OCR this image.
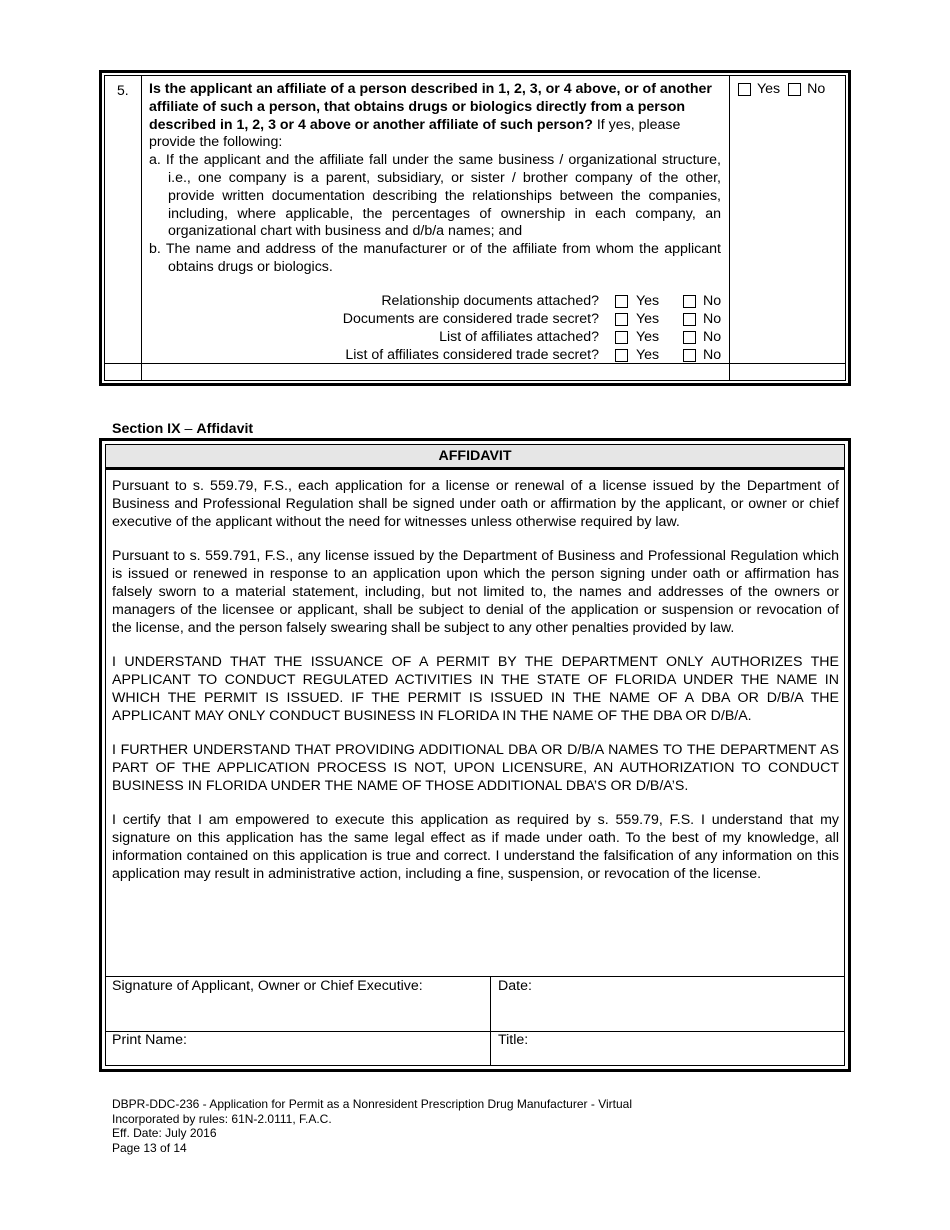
5. Is the applicant an affiliate of a person described in 1, 2, 3, or 4 above, or of another affiliate of such a person, that obtains drugs or biologics directly from a person described in 1, 2, 3 or 4 above or another affiliate of such person? If yes, please provide the following:
a. If the applicant and the affiliate fall under the same business / organizational structure, i.e., one company is a parent, subsidiary, or sister / brother company of the other, provide written documentation describing the relationships between the companies, including, where applicable, the percentages of ownership in each company, an organizational chart with business and d/b/a names; and
b. The name and address of the manufacturer or of the affiliate from whom the applicant obtains drugs or biologics.
Yes No
Relationship documents attached?	Yes	No
Documents are considered trade secret?	Yes	No
List of affiliates attached?	Yes	No
List of affiliates considered trade secret?	Yes	No
Section IX – Affidavit
AFFIDAVIT

Pursuant to s. 559.79, F.S., each application for a license or renewal of a license issued by the Department of Business and Professional Regulation shall be signed under oath or affirmation by the applicant, or owner or chief executive of the applicant without the need for witnesses unless otherwise required by law.

Pursuant to s. 559.791, F.S., any license issued by the Department of Business and Professional Regulation which is issued or renewed in response to an application upon which the person signing under oath or affirmation has falsely sworn to a material statement, including, but not limited to, the names and addresses of the owners or managers of the licensee or applicant, shall be subject to denial of the application or suspension or revocation of the license, and the person falsely swearing shall be subject to any other penalties provided by law.

I UNDERSTAND THAT THE ISSUANCE OF A PERMIT BY THE DEPARTMENT ONLY AUTHORIZES THE APPLICANT TO CONDUCT REGULATED ACTIVITIES IN THE STATE OF FLORIDA UNDER THE NAME IN WHICH THE PERMIT IS ISSUED. IF THE PERMIT IS ISSUED IN THE NAME OF A DBA OR D/B/A THE APPLICANT MAY ONLY CONDUCT BUSINESS IN FLORIDA IN THE NAME OF THE DBA OR D/B/A.

I FURTHER UNDERSTAND THAT PROVIDING ADDITIONAL DBA OR D/B/A NAMES TO THE DEPARTMENT AS PART OF THE APPLICATION PROCESS IS NOT, UPON LICENSURE, AN AUTHORIZATION TO CONDUCT BUSINESS IN FLORIDA UNDER THE NAME OF THOSE ADDITIONAL DBA’S OR D/B/A’S.

I certify that I am empowered to execute this application as required by s. 559.79, F.S. I understand that my signature on this application has the same legal effect as if made under oath. To the best of my knowledge, all information contained on this application is true and correct. I understand the falsification of any information on this application may result in administrative action, including a fine, suspension, or revocation of the license.

Signature of Applicant, Owner or Chief Executive:	Date:
Print Name:	Title:
DBPR-DDC-236 - Application for Permit as a Nonresident Prescription Drug Manufacturer - Virtual
Incorporated by rules: 61N-2.0111, F.A.C.
Eff. Date: July 2016
Page 13 of 14
